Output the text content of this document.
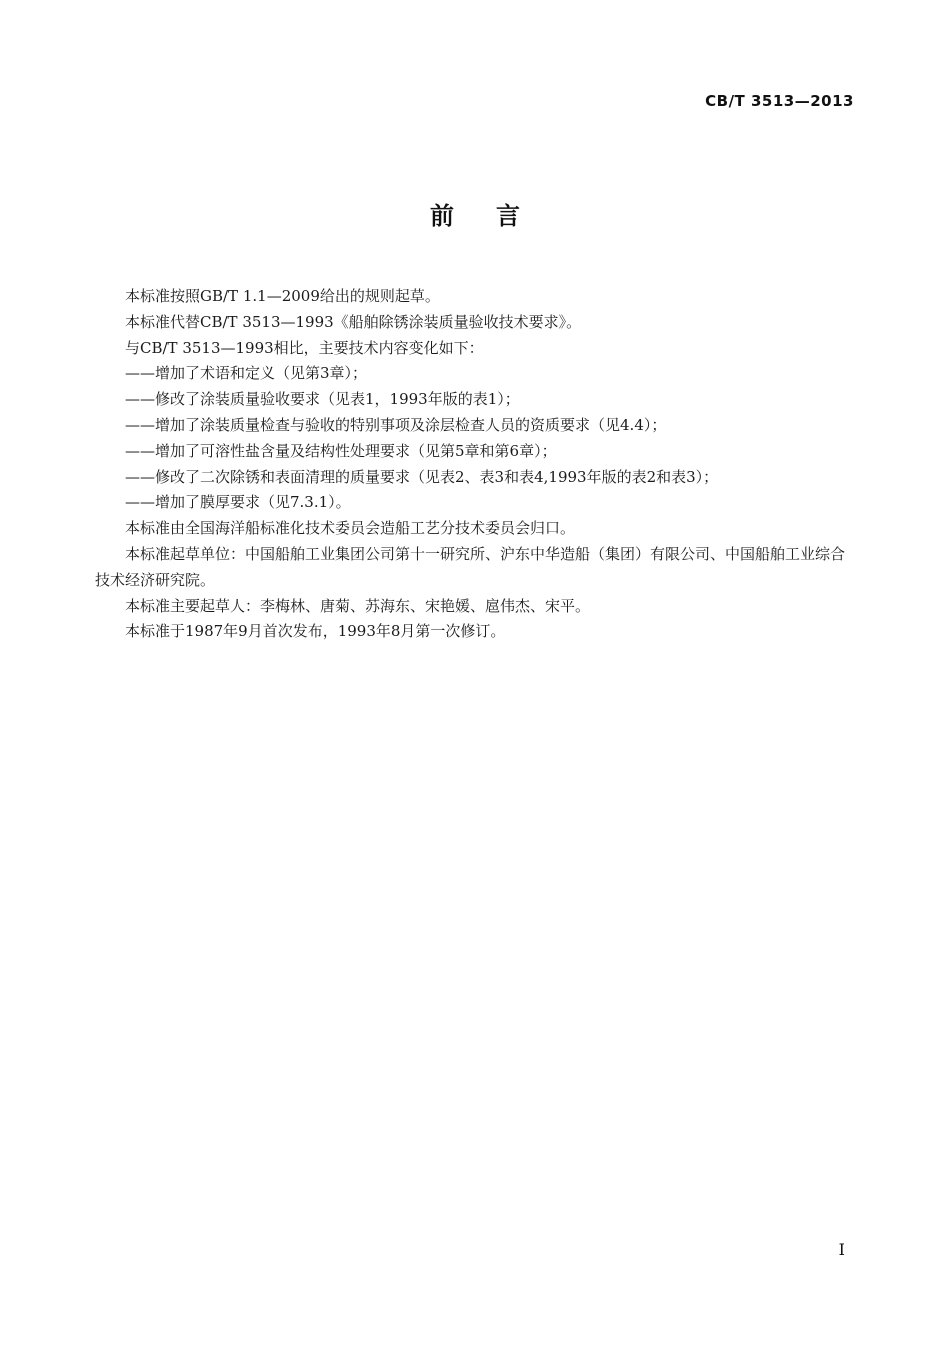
CB/T 3513—2013
前言

本标准按照GB/T 1.1—2009给出的规则起草。

本标准代替CB/T 3513—1993《船舶除锈涂装质量验收技术要求》。

与CB/T 3513—1993相比，主要技术内容变化如下：

——增加了术语和定义（见第3章）；

——修改了涂装质量验收要求（见表1，1993年版的表1）；

——增加了涂装质量检查与验收的特别事项及涂层检查人员的资质要求（见4.4）；

——增加了可溶性盐含量及结构性处理要求（见第5章和第6章）；

——修改了二次除锈和表面清理的质量要求（见表2、表3和表4,1993年版的表2和表3）；

——增加了膜厚要求（见7.3.1）。

本标准由全国海洋船标准化技术委员会造船工艺分技术委员会归口。

本标准起草单位：中国船舶工业集团公司第十一研究所、沪东中华造船（集团）有限公司、中国船舶工业综合技术经济研究院。

本标准主要起草人：李梅林、唐菊、苏海东、宋艳媛、扈伟杰、宋平。

本标准于1987年9月首次发布，1993年8月第一次修订。

I
